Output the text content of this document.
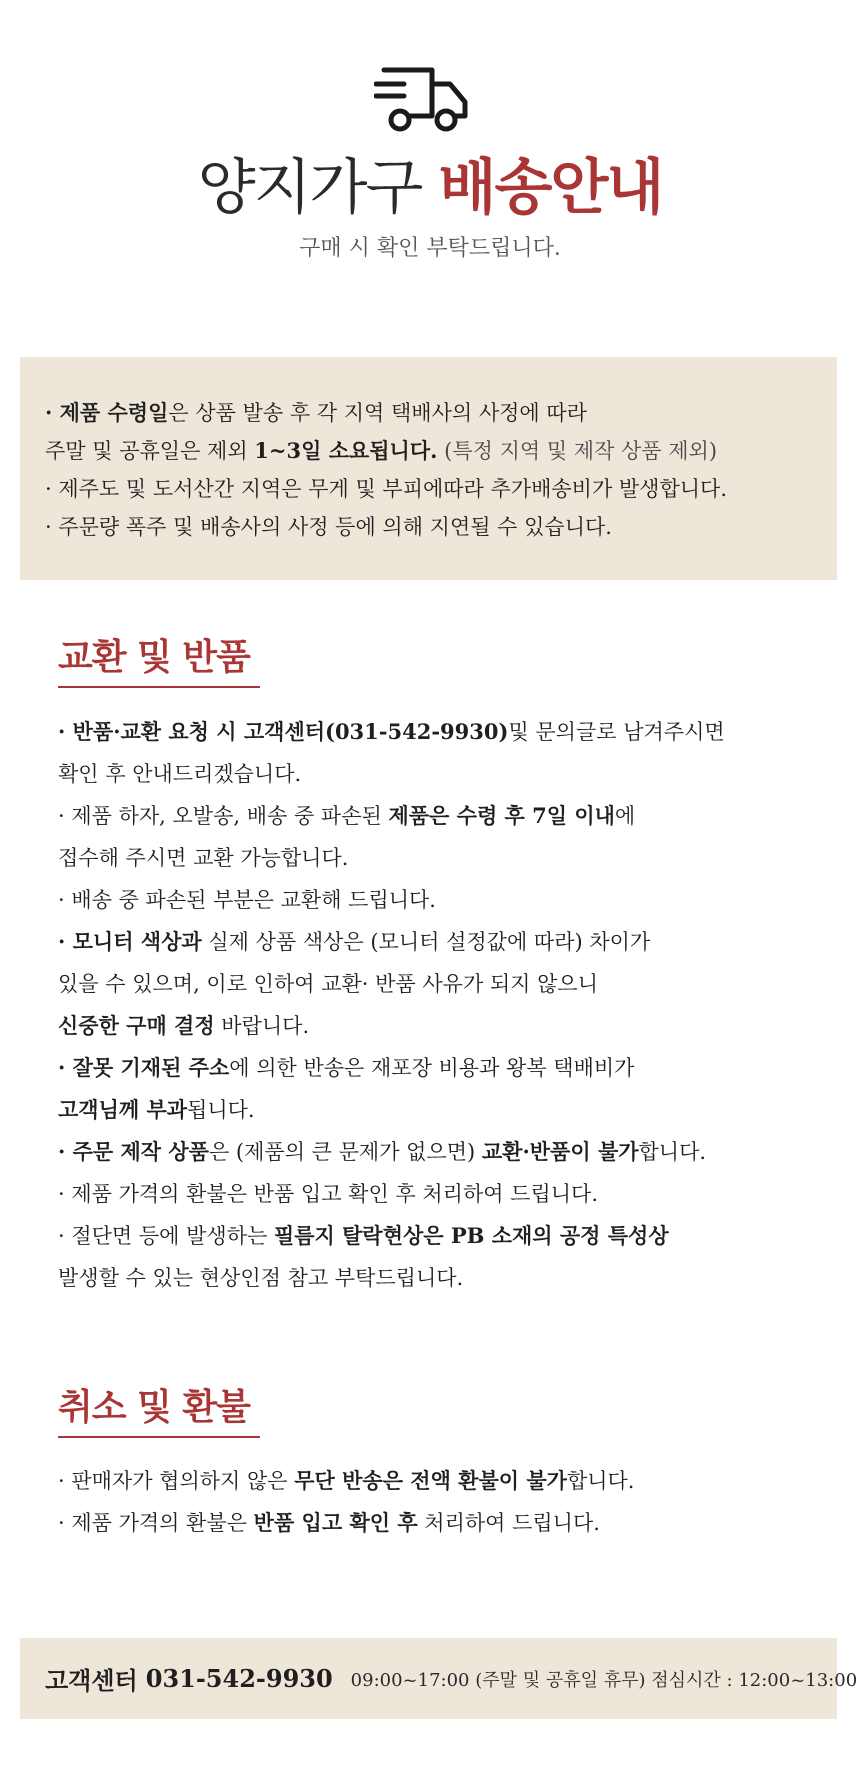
양지가구 배송안내
구매 시 확인 부탁드립니다.
· 제품 수령일은 상품 발송 후 각 지역 택배사의 사정에 따라
주말 및 공휴일은 제외 1~3일 소요됩니다. (특정 지역 및 제작 상품 제외)
· 제주도 및 도서산간 지역은 무게 및 부피에따라 추가배송비가 발생합니다.
· 주문량 폭주 및 배송사의 사정 등에 의해 지연될 수 있습니다.
교환 및 반품
· 반품·교환 요청 시 고객센터(031-542-9930)및 문의글로 남겨주시면
확인 후 안내드리겠습니다.
· 제품 하자, 오발송, 배송 중 파손된 제품은 수령 후 7일 이내에
접수해 주시면 교환 가능합니다.
· 배송 중 파손된 부분은 교환해 드립니다.
· 모니터 색상과 실제 상품 색상은 (모니터 설정값에 따라) 차이가
있을 수 있으며, 이로 인하여 교환· 반품 사유가 되지 않으니
신중한 구매 결정 바랍니다.
· 잘못 기재된 주소에 의한 반송은 재포장 비용과 왕복 택배비가
고객님께 부과됩니다.
· 주문 제작 상품은 (제품의 큰 문제가 없으면) 교환·반품이 불가합니다.
· 제품 가격의 환불은 반품 입고 확인 후 처리하여 드립니다.
· 절단면 등에 발생하는 필름지 탈락현상은 PB 소재의 공정 특성상
발생할 수 있는 현상인점 참고 부탁드립니다.
취소 및 환불
· 판매자가 협의하지 않은 무단 반송은 전액 환불이 불가합니다.
· 제품 가격의 환불은 반품 입고 확인 후 처리하여 드립니다.
고객센터 031-542-9930 09:00~17:00 (주말 및 공휴일 휴무) 점심시간 : 12:00~13:00
